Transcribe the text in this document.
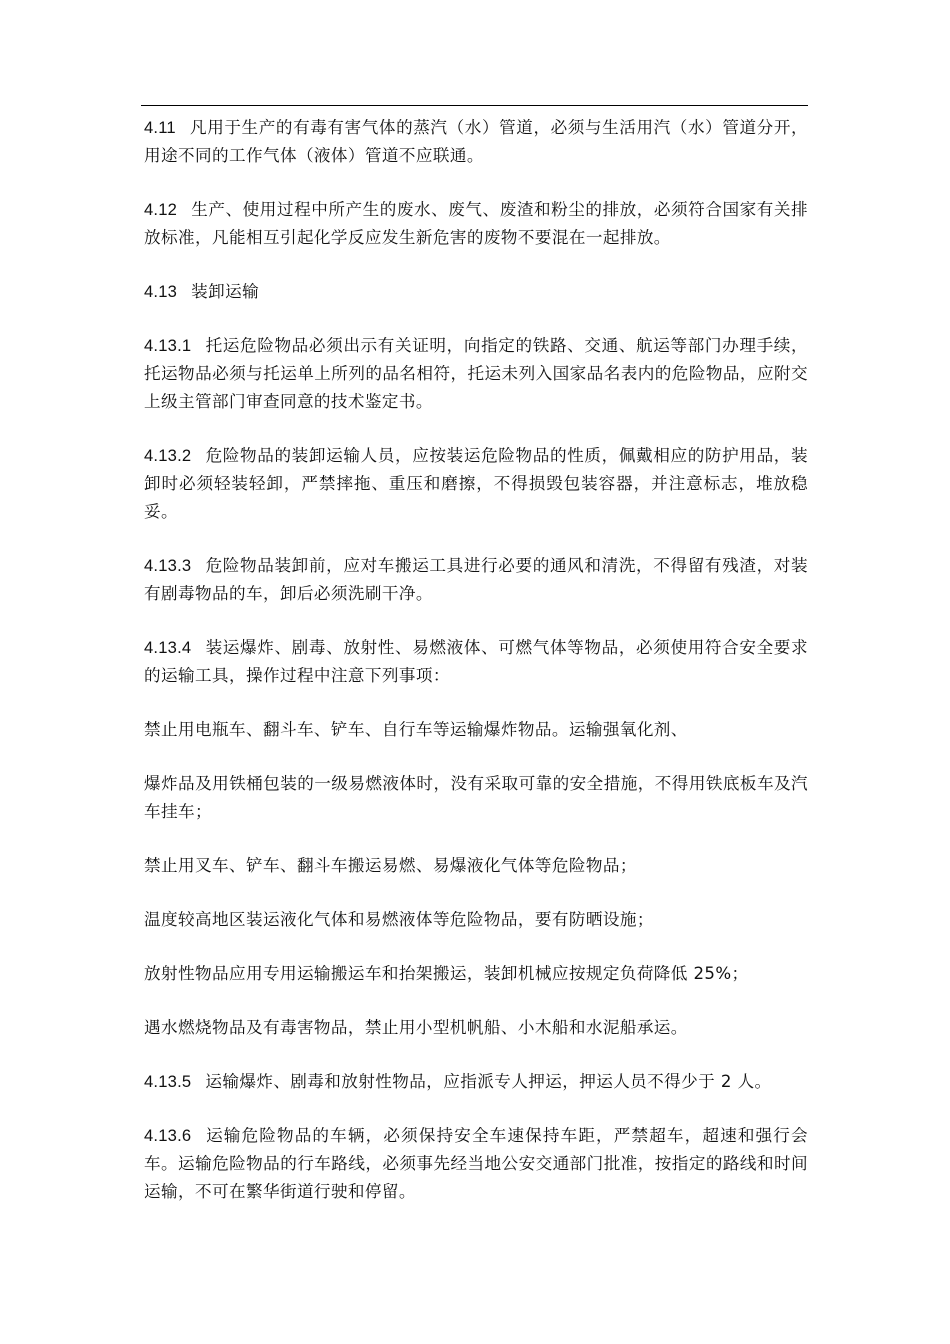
4.11 凡用于生产的有毒有害气体的蒸汽（水）管道，必须与生活用汽（水）管道分开，用途不同的工作气体（液体）管道不应联通。

4.12 生产、使用过程中所产生的废水、废气、废渣和粉尘的排放，必须符合国家有关排放标准，凡能相互引起化学反应发生新危害的废物不要混在一起排放。

4.13 装卸运输

4.13.1 托运危险物品必须出示有关证明，向指定的铁路、交通、航运等部门办理手续，托运物品必须与托运单上所列的品名相符，托运未列入国家品名表内的危险物品，应附交上级主管部门审查同意的技术鉴定书。

4.13.2 危险物品的装卸运输人员，应按装运危险物品的性质，佩戴相应的防护用品，装卸时必须轻装轻卸，严禁摔拖、重压和磨擦，不得损毁包装容器，并注意标志，堆放稳妥。

4.13.3 危险物品装卸前，应对车搬运工具进行必要的通风和清洗，不得留有残渣，对装有剧毒物品的车，卸后必须洗刷干净。

4.13.4 装运爆炸、剧毒、放射性、易燃液体、可燃气体等物品，必须使用符合安全要求的运输工具，操作过程中注意下列事项：

禁止用电瓶车、翻斗车、铲车、自行车等运输爆炸物品。运输强氧化剂、

爆炸品及用铁桶包装的一级易燃液体时，没有采取可靠的安全措施，不得用铁底板车及汽车挂车；

禁止用叉车、铲车、翻斗车搬运易燃、易爆液化气体等危险物品；

温度较高地区装运液化气体和易燃液体等危险物品，要有防晒设施；

放射性物品应用专用运输搬运车和抬架搬运，装卸机械应按规定负荷降低 25%；

遇水燃烧物品及有毒害物品，禁止用小型机帆船、小木船和水泥船承运。

4.13.5 运输爆炸、剧毒和放射性物品，应指派专人押运，押运人员不得少于 2 人。

4.13.6 运输危险物品的车辆，必须保持安全车速保持车距，严禁超车，超速和强行会车。运输危险物品的行车路线，必须事先经当地公安交通部门批准，按指定的路线和时间运输，不可在繁华街道行驶和停留。
